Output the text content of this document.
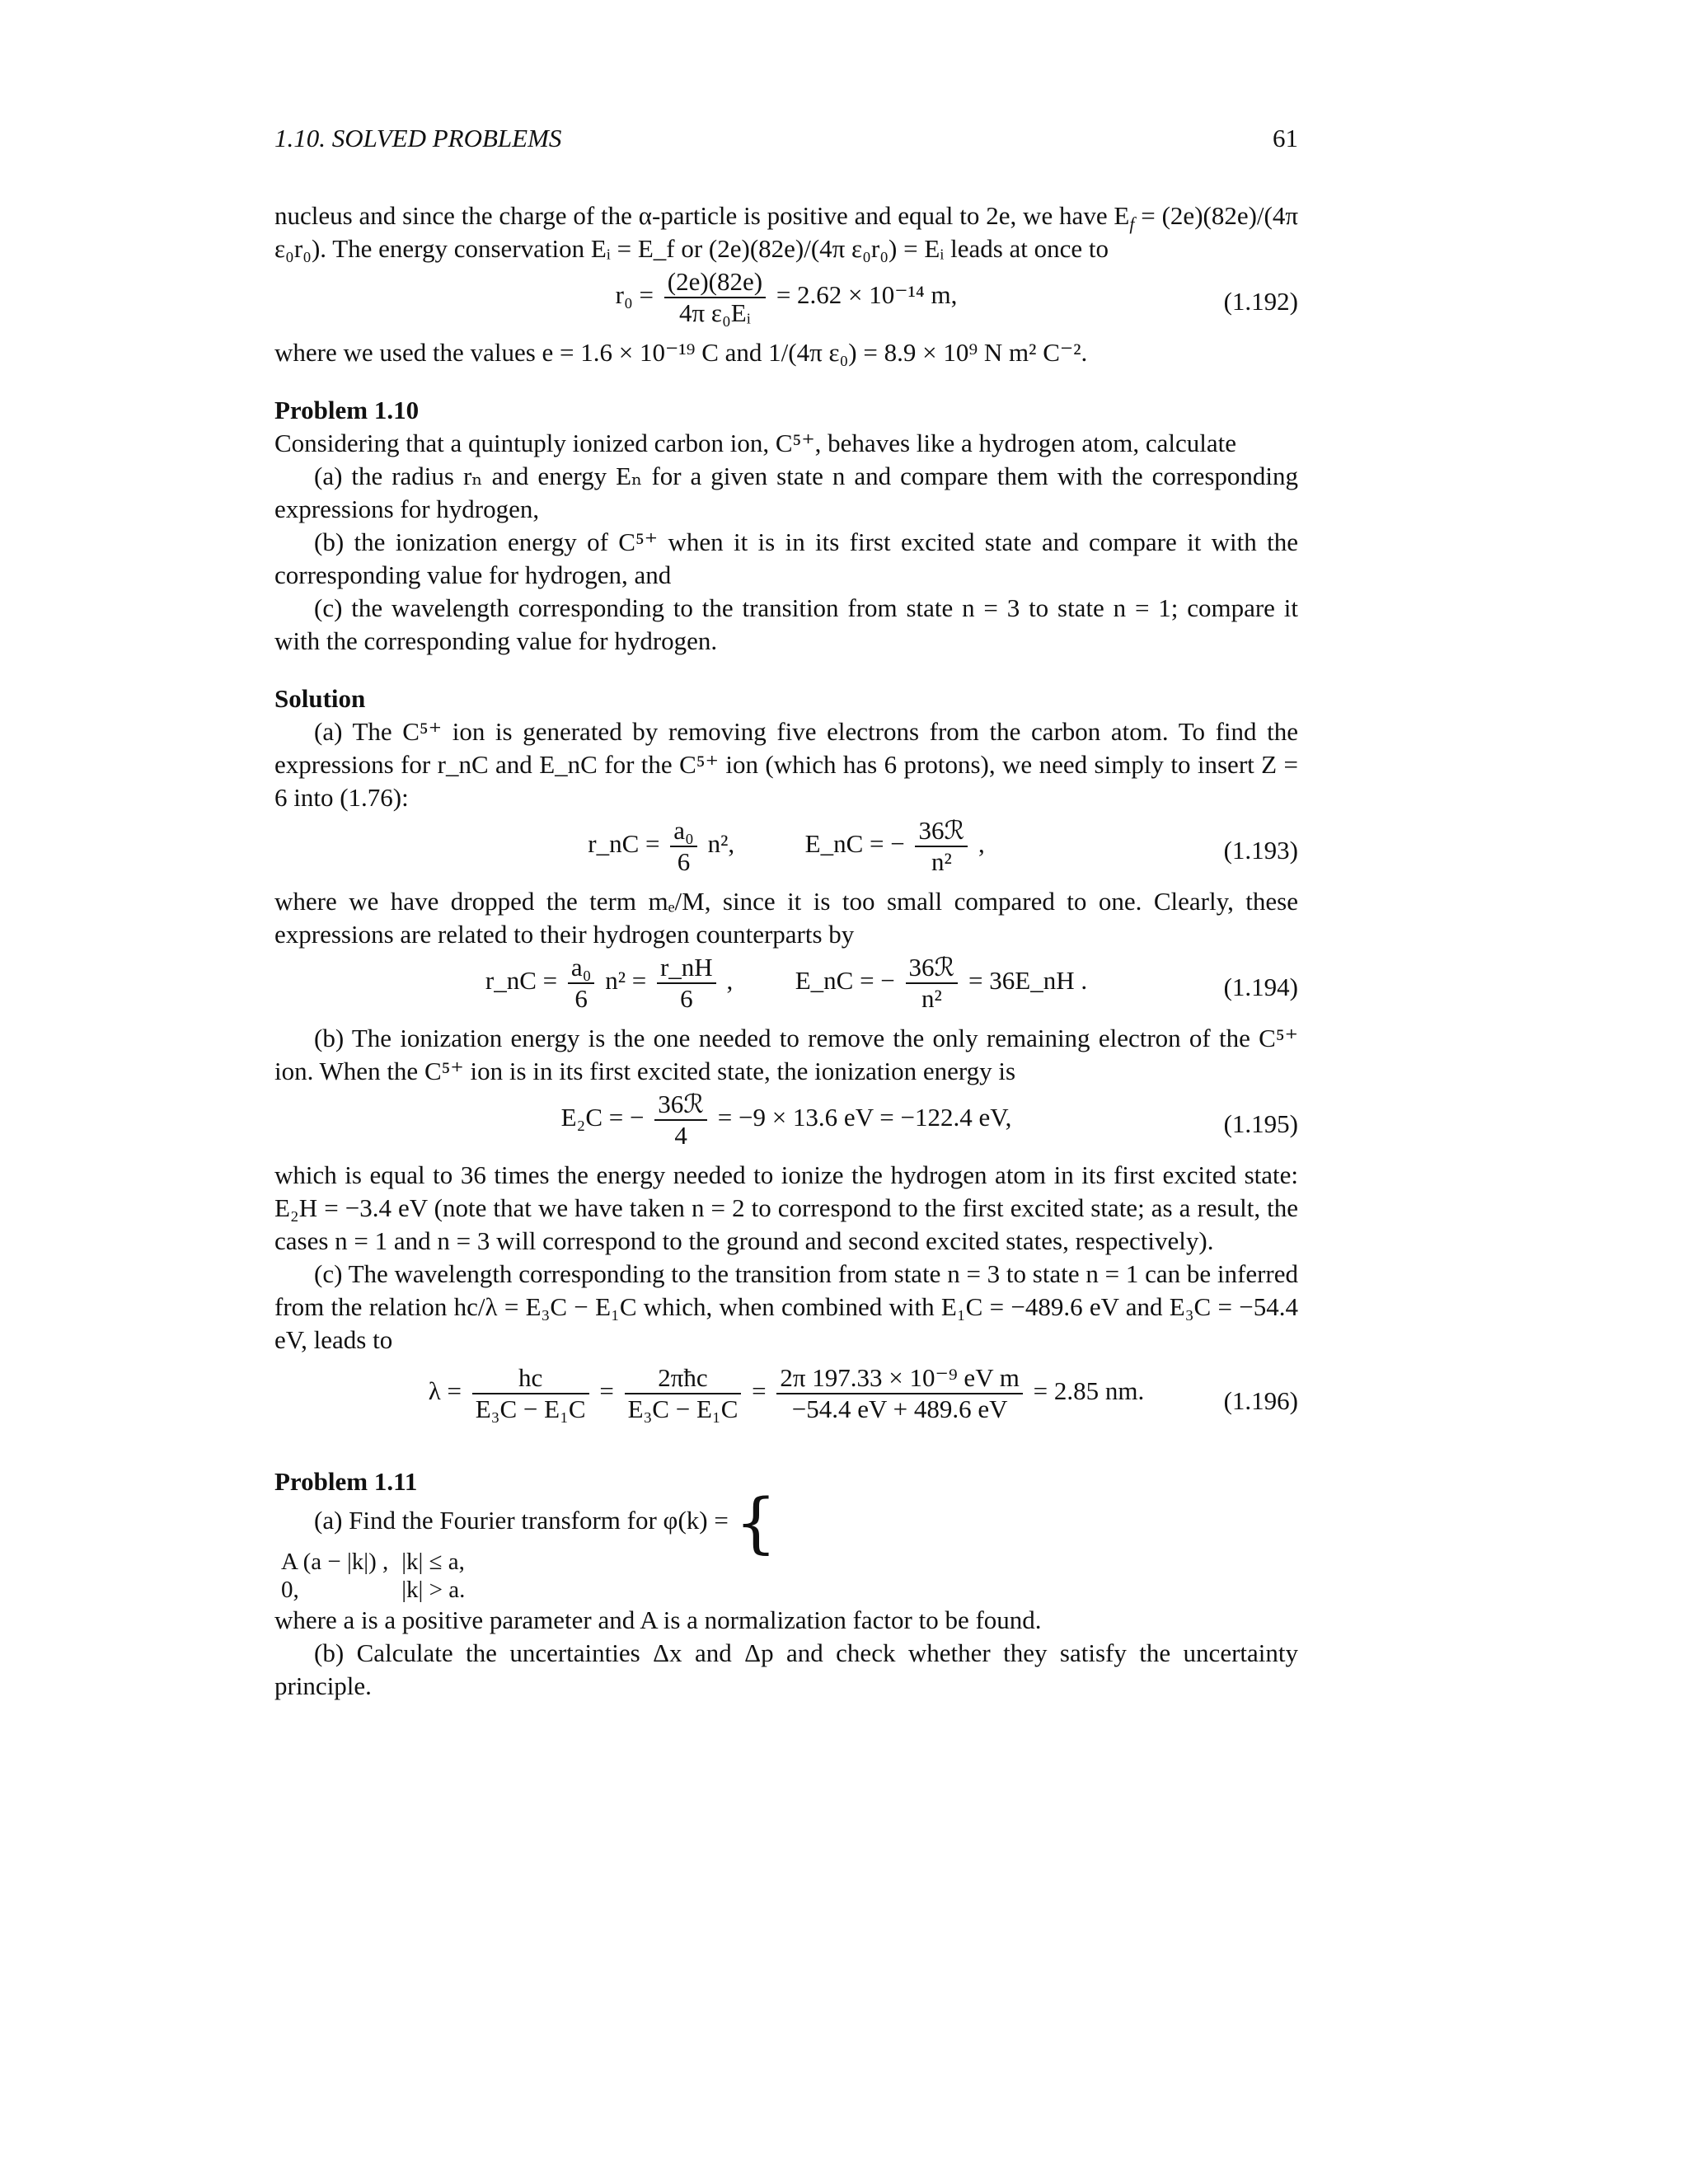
1.10. SOLVED PROBLEMS	61

nucleus and since the charge of the α-particle is positive and equal to 2e, we have $E_f = (2e)(82e)/(4\pi$ ε₀r₀). The energy conservation Eᵢ = E_f or (2e)(82e)/(4π ε₀r₀) = Eᵢ leads at once to

$r_0 = \frac{(2e)(82e)}{\text{4π ε₀Eᵢ}} = 2.62 \times 10^{-14}$ m,	(1.192)

where we used the values e = 1.6 × 10⁻¹⁹ C and 1/(4π ε₀) = 8.9 × 10⁹ N m² C⁻².

Problem 1.10

Considering that a quintuply ionized carbon ion, C⁵⁺, behaves like a hydrogen atom, calculate

(a) the radius rₙ and energy Eₙ for a given state n and compare them with the corresponding expressions for hydrogen,

(b) the ionization energy of C⁵⁺ when it is in its first excited state and compare it with the corresponding value for hydrogen, and

(c) the wavelength corresponding to the transition from state n = 3 to state n = 1; compare it with the corresponding value for hydrogen.

Solution

(a) The C⁵⁺ ion is generated by removing five electrons from the carbon atom. To find the expressions for r_nC and E_nC for the C⁵⁺ ion (which has 6 protons), we need simply to insert Z = 6 into (1.76):

r_nC = $\frac{\text{a₀}}{6} n^2$,	E_nC = − 36ℛ
n²
,	(1.193)

where we have dropped the term mₑ/M, since it is too small compared to one. Clearly, these expressions are related to their hydrogen counterparts by

r_nC = $\frac{\text{a₀}}{6} n^2 = \frac{r\_nH}{6}$ , E_nC = − 36ℛ
n²
= 36E_nH .	(1.194)

(b) The ionization energy is the one needed to remove the only remaining electron of the C⁵⁺ ion. When the C⁵⁺ ion is in its first excited state, the ionization energy is

E₂C = − 36ℛ
4
= −9 × 13.6 eV = −122.4 eV,	(1.195)

which is equal to 36 times the energy needed to ionize the hydrogen atom in its first excited state: E₂H = −3.4 eV (note that we have taken n = 2 to correspond to the first excited state; as a result, the cases n = 1 and n = 3 will correspond to the ground and second excited states, respectively).

(c) The wavelength corresponding to the transition from state n = 3 to state n = 1 can be inferred from the relation hc/λ = E₃C − E₁C which, when combined with E₁C = −489.6 eV and E₃C = −54.4 eV, leads to

$\lambda = \frac{hc}{\text{E₃C − E₁C}}$ =	2πħc
E₃C − E₁C
= $\frac{\text{2π 197.33 × 10⁻⁹ eV m}}{-54.4 eV + 489.6 eV} = 2.85$ nm.	(1.196)

Problem 1.11

(a) Find the Fourier transform for φ(k) = {

A (a − |k|) ,	|k| ≤ a,
0,	|k| > a.

where a is a positive parameter and A is a normalization factor to be found.

(b) Calculate the uncertainties Δx and Δp and check whether they satisfy the uncertainty principle.
